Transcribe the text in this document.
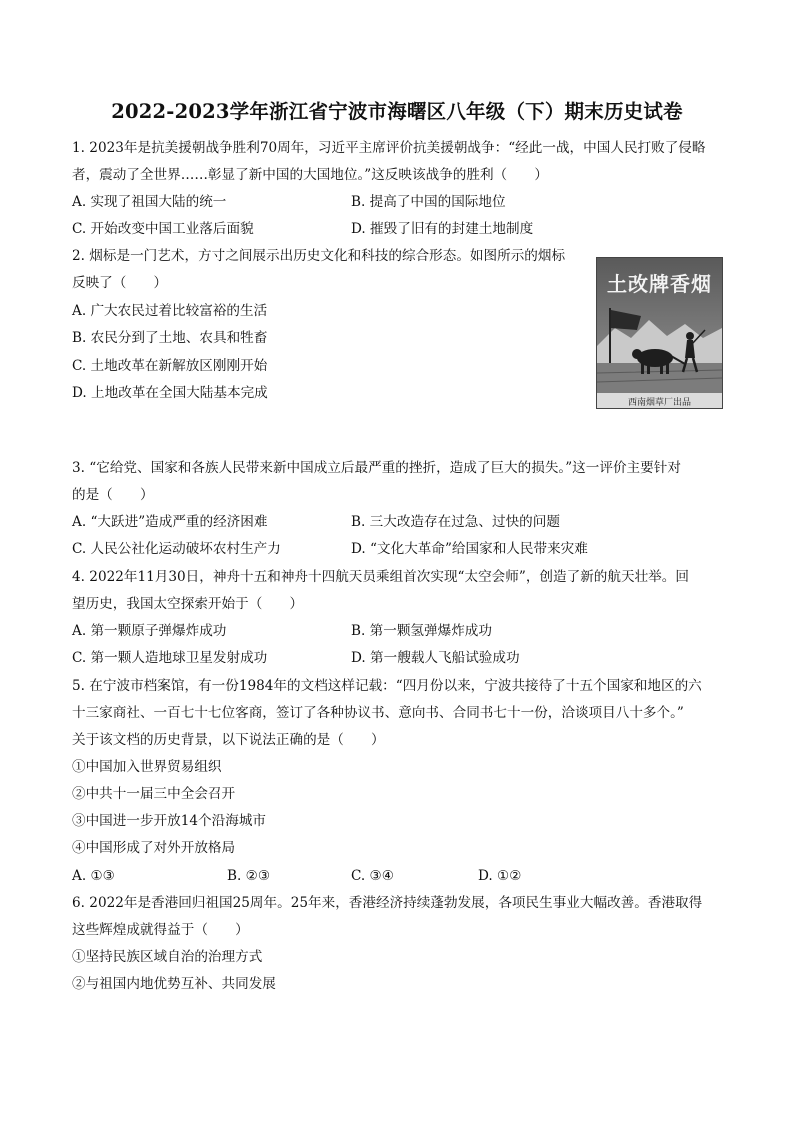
2022-2023学年浙江省宁波市海曙区八年级（下）期末历史试卷
1. 2023年是抗美援朝战争胜利70周年，习近平主席评价抗美援朝战争：“经此一战，中国人民打败了侵略
者，震动了全世界……彰显了新中国的大国地位。”这反映该战争的胜利（　　）
A. 实现了祖国大陆的统一	B. 提高了中国的国际地位
C. 开始改变中国工业落后面貌	D. 摧毁了旧有的封建土地制度
2. 烟标是一门艺术，方寸之间展示出历史文化和科技的综合形态。如图所示的烟标
反映了（　　）
A. 广大农民过着比较富裕的生活
B. 农民分到了土地、农具和牲畜
C. 土地改革在新解放区刚刚开始
D. 上地改革在全国大陆基本完成
土改牌香烟
西南烟草厂出品
3. “它给党、国家和各族人民带来新中国成立后最严重的挫折，造成了巨大的损失。”这一评价主要针对
的是（　　）
A. “大跃进”造成严重的经济困难	B. 三大改造存在过急、过快的问题
C. 人民公社化运动破坏农村生产力	D. “文化大革命”给国家和人民带来灾难
4. 2022年11月30日，神舟十五和神舟十四航天员乘组首次实现“太空会师”，创造了新的航天壮举。回
望历史，我国太空探索开始于（　　）
A. 第一颗原子弹爆炸成功	B. 第一颗氢弹爆炸成功
C. 第一颗人造地球卫星发射成功	D. 第一艘载人飞船试验成功
5. 在宁波市档案馆，有一份1984年的文档这样记载：“四月份以来，宁波共接待了十五个国家和地区的六
十三家商社、一百七十七位客商，签订了各种协议书、意向书、合同书七十一份，洽谈项目八十多个。”
关于该文档的历史背景，以下说法正确的是（　　）
①中国加入世界贸易组织
②中共十一届三中全会召开
③中国进一步开放14个沿海城市
④中国形成了对外开放格局
A. ①③	B. ②③	C. ③④	D. ①②
6. 2022年是香港回归祖国25周年。25年来，香港经济持续蓬勃发展，各项民生事业大幅改善。香港取得
这些辉煌成就得益于（　　）
①坚持民族区域自治的治理方式
②与祖国内地优势互补、共同发展
